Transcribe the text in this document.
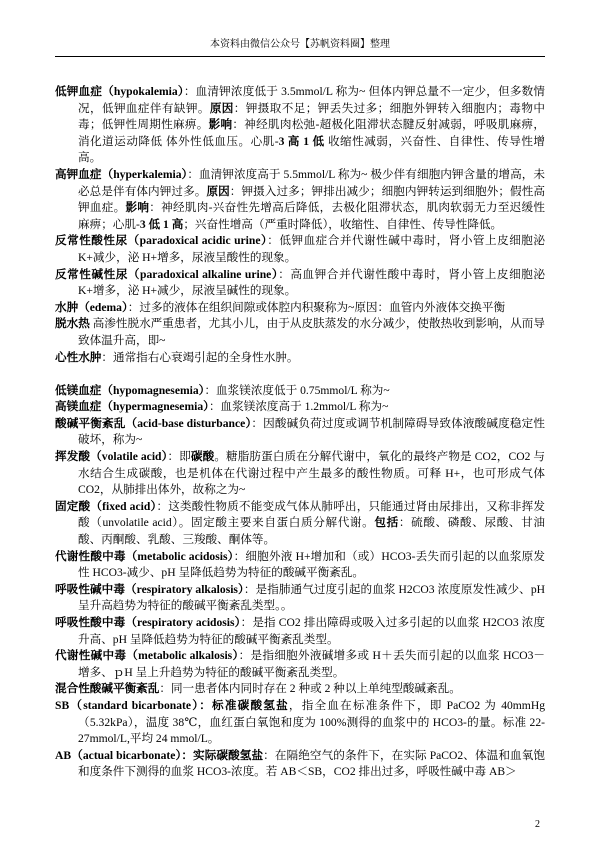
本资料由微信公众号【苏帆资料圈】整理

低钾血症（hypokalemia）：血清钾浓度低于 3.5mmol/L 称为~ 但体内钾总量不一定少，但多数情况，低钾血症伴有缺钾。原因：钾摄取不足；钾丢失过多；细胞外钾转入细胞内；毒物中毒；低钾性周期性麻痹。影响：神经肌肉松弛-超极化阻滞状态腱反射减弱，呼吸肌麻痹，消化道运动降低 体外性低血压。心肌-3 高 1 低 收缩性减弱，兴奋性、自律性、传导性增高。

高钾血症（hyperkalemia）：血清钾浓度高于 5.5mmol/L 称为~ 极少伴有细胞内钾含量的增高，未必总是伴有体内钾过多。原因：钾摄入过多；钾排出减少；细胞内钾转运到细胞外；假性高钾血症。影响：神经肌肉-兴奋性先增高后降低，去极化阻滞状态，肌肉软弱无力至迟缓性麻痹；心肌-3 低 1 高；兴奋性增高（严重时降低），收缩性、自律性、传导性降低。

反常性酸性尿（paradoxical acidic urine）：低钾血症合并代谢性碱中毒时，肾小管上皮细胞泌 K+减少，泌 H+增多，尿液呈酸性的现象。

反常性碱性尿（paradoxical alkaline urine）：高血钾合并代谢性酸中毒时，肾小管上皮细胞泌 K+增多，泌 H+减少，尿液呈碱性的现象。

水肿（edema）：过多的液体在组织间隙或体腔内积聚称为~原因：血管内外液体交换平衡

脱水热 高渗性脱水严重患者，尤其小儿，由于从皮肤蒸发的水分减少，使散热收到影响，从而导致体温升高，即~

心性水肿：通常指右心衰竭引起的全身性水肿。

低镁血症（hypomagnesemia）：血浆镁浓度低于 0.75mmol/L 称为~

高镁血症（hypermagnesemia）：血浆镁浓度高于 1.2mmol/L 称为~

酸碱平衡紊乱（acid-base disturbance）：因酸碱负荷过度或调节机制障碍导致体液酸碱度稳定性破坏，称为~

挥发酸（volatile acid）：即碳酸。糖脂肪蛋白质在分解代谢中，氧化的最终产物是 CO2，CO2 与水结合生成碳酸，也是机体在代谢过程中产生最多的酸性物质。可释 H+，也可形成气体 CO2，从肺排出体外，故称之为~

固定酸（fixed acid）：这类酸性物质不能变成气体从肺呼出，只能通过肾由尿排出，又称非挥发酸（unvolatile acid）。固定酸主要来自蛋白质分解代谢。包括：硫酸、磷酸、尿酸、甘油酸、丙酮酸、乳酸、三羧酸、酮体等。

代谢性酸中毒（metabolic acidosis）：细胞外液 H+增加和（或）HCO3-丢失而引起的以血浆原发性 HCO3-减少、pH 呈降低趋势为特征的酸碱平衡紊乱。

呼吸性碱中毒（respiratory alkalosis）：是指肺通气过度引起的血浆 H2CO3 浓度原发性减少、pH 呈升高趋势为特征的酸碱平衡紊乱类型。。

呼吸性酸中毒（respiratory acidosis）：是指 CO2 排出障碍或吸入过多引起的以血浆 H2CO3 浓度升高、pH 呈降低趋势为特征的酸碱平衡紊乱类型。

代谢性碱中毒（metabolic alkalosis）：是指细胞外液碱增多或 H＋丢失而引起的以血浆 HCO3－增多、ｐH 呈上升趋势为特征的酸碱平衡紊乱类型。

混合性酸碱平衡紊乱：同一患者体内同时存在 2 种或 2 种以上单纯型酸碱紊乱。

SB（standard bicarbonate）：标准碳酸氢盐，指全血在标准条件下，即 PaCO2 为 40mmHg（5.32kPa），温度 38℃，血红蛋白氧饱和度为 100%测得的血浆中的 HCO3-的量。标准 22-27mmol/L,平均 24 mmol/L。

AB（actual bicarbonate）：实际碳酸氢盐：在隔绝空气的条件下，在实际 PaCO2、体温和血氧饱和度条件下测得的血浆 HCO3-浓度。若 AB＜SB，CO2 排出过多，呼吸性碱中毒 AB＞

2
